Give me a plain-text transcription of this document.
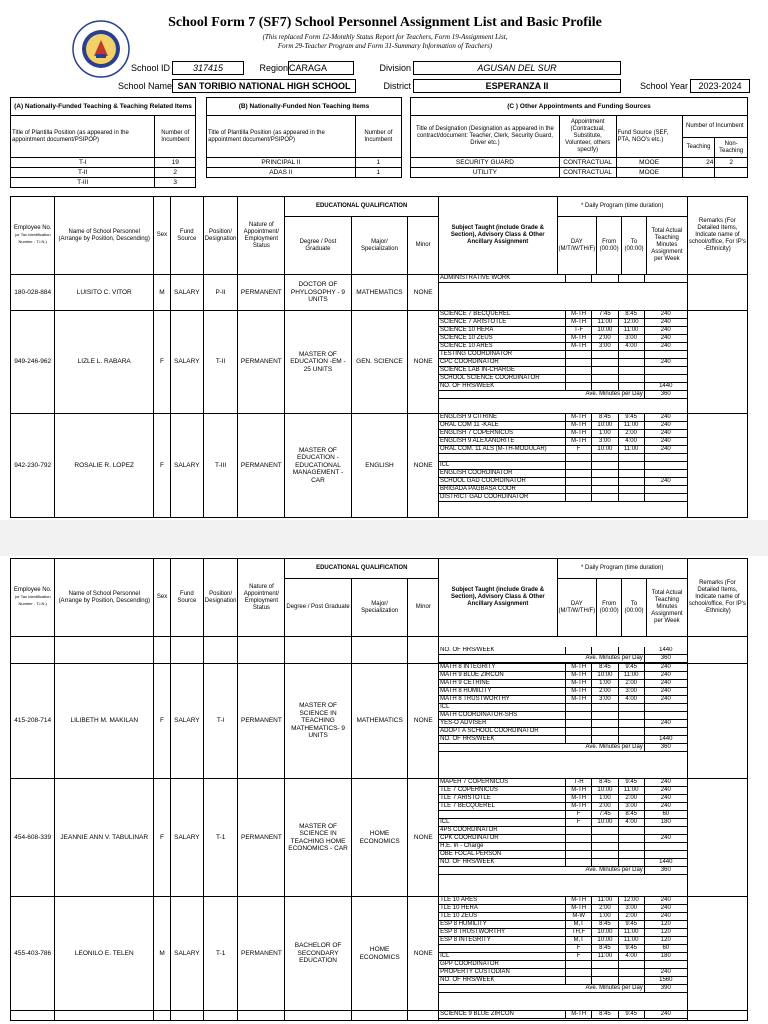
School Form 7 (SF7) School Personnel Assignment List and Basic Profile
(This replaced Form 12-Monthly Status Report for Teachers, Form 19-Assignment List,
Form 29-Teacher Program and Form 31-Summary Information of Teachers)
School ID	317415	Region CARAGA	Division	AGUSAN DEL SUR
School Name SAN TORIBIO NATIONAL HIGH SCHOOL	District	ESPERANZA II	School Year	2023-2024
(A) Nationally-Funded Teaching & Teaching Related Items	
Title of Plantilla Position (as appeared in the appointment document/PSIPOP)	Number of Incumbent
T-I	19
T-II	2
T-III	3
(B) Nationally-Funded Non Teaching Items	
Title of Plantilla Position (as appeared in the appointment document/PSIPOP)	Number of Incumbent
PRINCIPAL II	1
ADAS II	1
(C ) Other Appointments and Funding Sources				
Title of Designation (Designation as appeared in the contract/document: Teacher, Clerk, Security Guard, Driver etc.)	Appointment (Contractual, Substitute, Volunteer, others specify)	Fund Source (SEF, PTA, NGO's etc.)	Number of Incumbent	
			Teaching	Non-Teaching
SECURITY GUARD	CONTRACTUAL	MOOE	24	2
UTILITY	CONTRACTUAL	MOOE		
Employee No.
(or Tax Identification Number - T.I.N.)	Name of School Personnel (Arrange by Position, Descending)	Sex	Fund Source	Position/ Designation	Nature of Appointment/ Employment Status	EDUCATIONAL QUALIFICATION	Subject Taught (include Grade & Section), Advisory Class & Other Ancillary Assignment	* Daily Program (time duration)	Remarks (For Detailed Items, Indicate name of school/office, For IP's -Ethnicity)
Degree / Post Graduate	Major/ Specialization	Minor	DAY (M/T/W/TH/F)	From (00:00)	To (00:00)	Total Actual Teaching Minutes Assignment per Week

180-028-884	LUISITO C. VITOR	M	SALARY	P-II	PERMANENT	DOCTOR OF PHYLOSOPHY - 9 UNITS	MATHEMATICS	NONE	
ADMINISTRATIVE WORK				

949-246-962	LIZLE L. RABARA	F	SALARY	T-II	PERMANENT	MASTER OF EDUCATION -EM - 25 UNITS	GEN. SCIENCE	NONE	
SCIENCE 7 BECQUEREL	M-TH	7:45	8:45	240
SCIENCE 7 ARISTOTLE	M-TH	11:00	12:00	240
SCIENCE 10 HERA	T-F	10:00	11:00	240
SCIENCE 10 ZEUS	M-TH	2:00	3:00	240
SCIENCE 10 ARES	M-TH	3:00	4:00	240
TESTING COORDINATOR				
CPC COORDINATOR				240
SCIENCE LAB IN-CHARGE				
SCHOOL SCIENCE COORDINATOR				
NO. OF HRS/WEEK				1440
Ave. Minutes per Day	360

942-230-792	ROSALIE R. LOPEZ	F	SALARY	T-III	PERMANENT	MASTER OF EDUCATION - EDUCATIONAL MANAGEMENT - CAR	ENGLISH	NONE	
ENGLISH 9 CITRINE	M-TH	8:45	9:45	240
ORAL COM 11 -KALE	M-TH	10:00	11:00	240
ENGLISH 7 COPERNICUS	M-TH	1:00	2:00	240
ENGLISH 9 ALEXANDRITE	M-TH	3:00	4:00	240
ORAL COM. 11 ALS (M-TH-MODULAR)	F	10:00	11:00	240

ICL				
ENGLISH COORDINATOR				
SCHOOL GAD COORDINATOR				240
BRIGADA PAGBASA COOR				
DISTRICT GAD COORDINATOR				

Employee No.
(or Tax Identification Number - T.I.N.)	Name of School Personnel (Arrange by Position, Descending)	Sex	Fund Source	Position/ Designation	Nature of Appointment/ Employment Status	EDUCATIONAL QUALIFICATION	Subject Taught (include Grade & Section), Advisory Class & Other Ancillary Assignment	* Daily Program (time duration)	Remarks (For Detailed Items, Indicate name of school/office, For IP's -Ethnicity)
Degree / Post Graduate	Major/ Specialization	Minor	DAY (M/T/W/TH/F)	From (00:00)	To (00:00)	Total Actual Teaching Minutes Assignment per Week

NO. OF HRS/WEEK				1440
Ave. Minutes per Day	360

415-208-714	LILIBETH M. MAKILAN	F	SALARY	T-I	PERMANENT	MASTER OF SCIENCE IN TEACHING MATHEMATICS- 9 UNITS	MATHEMATICS	NONE	
MATH 8 INTEGRITY	M-TH	8:45	9:45	240
MATH 9 BLUE ZIRCON	M-TH	10:00	11:00	240
MATH 9 CETRINE	M-TH	1:00	2:00	240
MATH 8 HUMILITY	M-TH	2:00	3:00	240
MATH 8 TRUSTWORTHY	M-TH	3:00	4:00	240
ICL				
MATH COORDINATOR-SHS				
YES-O ADVISER				240
ADOPT A SCHOOL COORDINATOR				
NO. OF HRS/WEEK				1440
Ave. Minutes per Day	360

454-608-339	JEANNIE ANN V. TABULINAR	F	SALARY	T-1	PERMANENT	MASTER OF SCIENCE IN TEACHING HOME ECONOMICS - CAR	HOME ECONOMICS	NONE	
MAPEH 7 COPERNICUS	T-H	8:45	9:45	240
TLE 7 COPERNICUS	M-TH	10:00	11:00	240
TLE 7 ARISTOTLE	M-TH	1:00	2:00	240
TLE 7 BECQUEREL	M-TH	2:00	3:00	240
	F	7:45	8:45	60
ICL	F	10:00	4:00	180
4PS COORDINATOR				
CPK COORDINATOR				240
H.E. In - Charge				
OBE FOCAL PERSON				
NO. OF HRS/WEEK				1440
Ave. Minutes per Day	360

455-403-786	LEONILO E. TELEN	M	SALARY	T-1	PERMANENT	BACHELOR OF SECONDARY EDUCATION	HOME ECONOMICS	NONE	
TLE 10 ARES	M-TH	11:00	12:00	240
TLE 10 HERA	M-TH	2:00	3:00	240
TLE 10 ZEUS	M-W	1:00	2:00	240
ESP 8 HUMILITY	M,T	8:45	9:45	120
ESP 8 TRUSTWORTHY	TH,F	10:00	11:00	120
ESP 8 INTEGRITY	M,T	10:00	11:00	120
	F	8:45	9:45	60
ICL	F	11:00	4:00	180
GPP COORDINATOR				
PROPERTY CUSTODIAN				240
NO. OF HRS/WEEK				1560
Ave. Minutes per Day	390

SCIENCE 9 BLUE ZIRCON	M-TH	8:45	9:45	240
